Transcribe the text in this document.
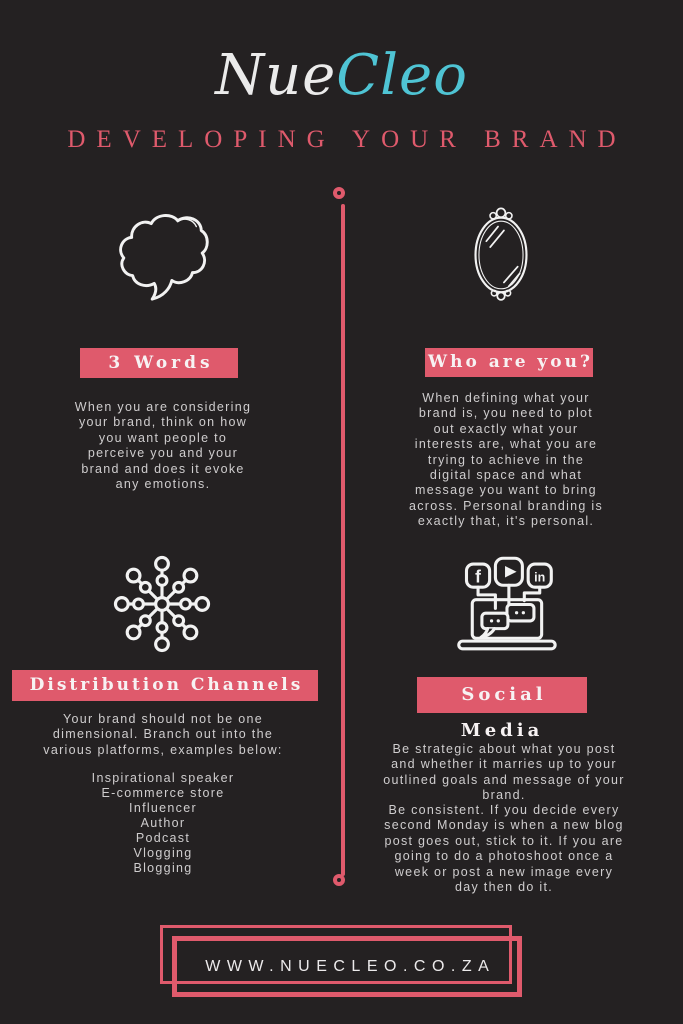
NueCleo
DEVELOPING YOUR BRAND
3 Words
When you are considering your brand, think on how you want people to perceive you and your brand and does it evoke any emotions.
Who are you?
When defining what your brand is, you need to plot out exactly what your interests are, what you are trying to achieve in the digital space and what message you want to bring across. Personal branding is exactly that, it's personal.
Distribution Channels
Your brand should not be one dimensional. Branch out into the various platforms, examples below:
Inspirational speaker
E-commerce store
Influencer
Author
Podcast
Vlogging
Blogging
f	in
Social Media
Be strategic about what you post and whether it marries up to your outlined goals and message of your brand.
Be consistent. If you decide every second Monday is when a new blog post goes out, stick to it. If you are going to do a photoshoot once a week or post a new image every day then do it.
WWW.NUECLEO.CO.ZA
